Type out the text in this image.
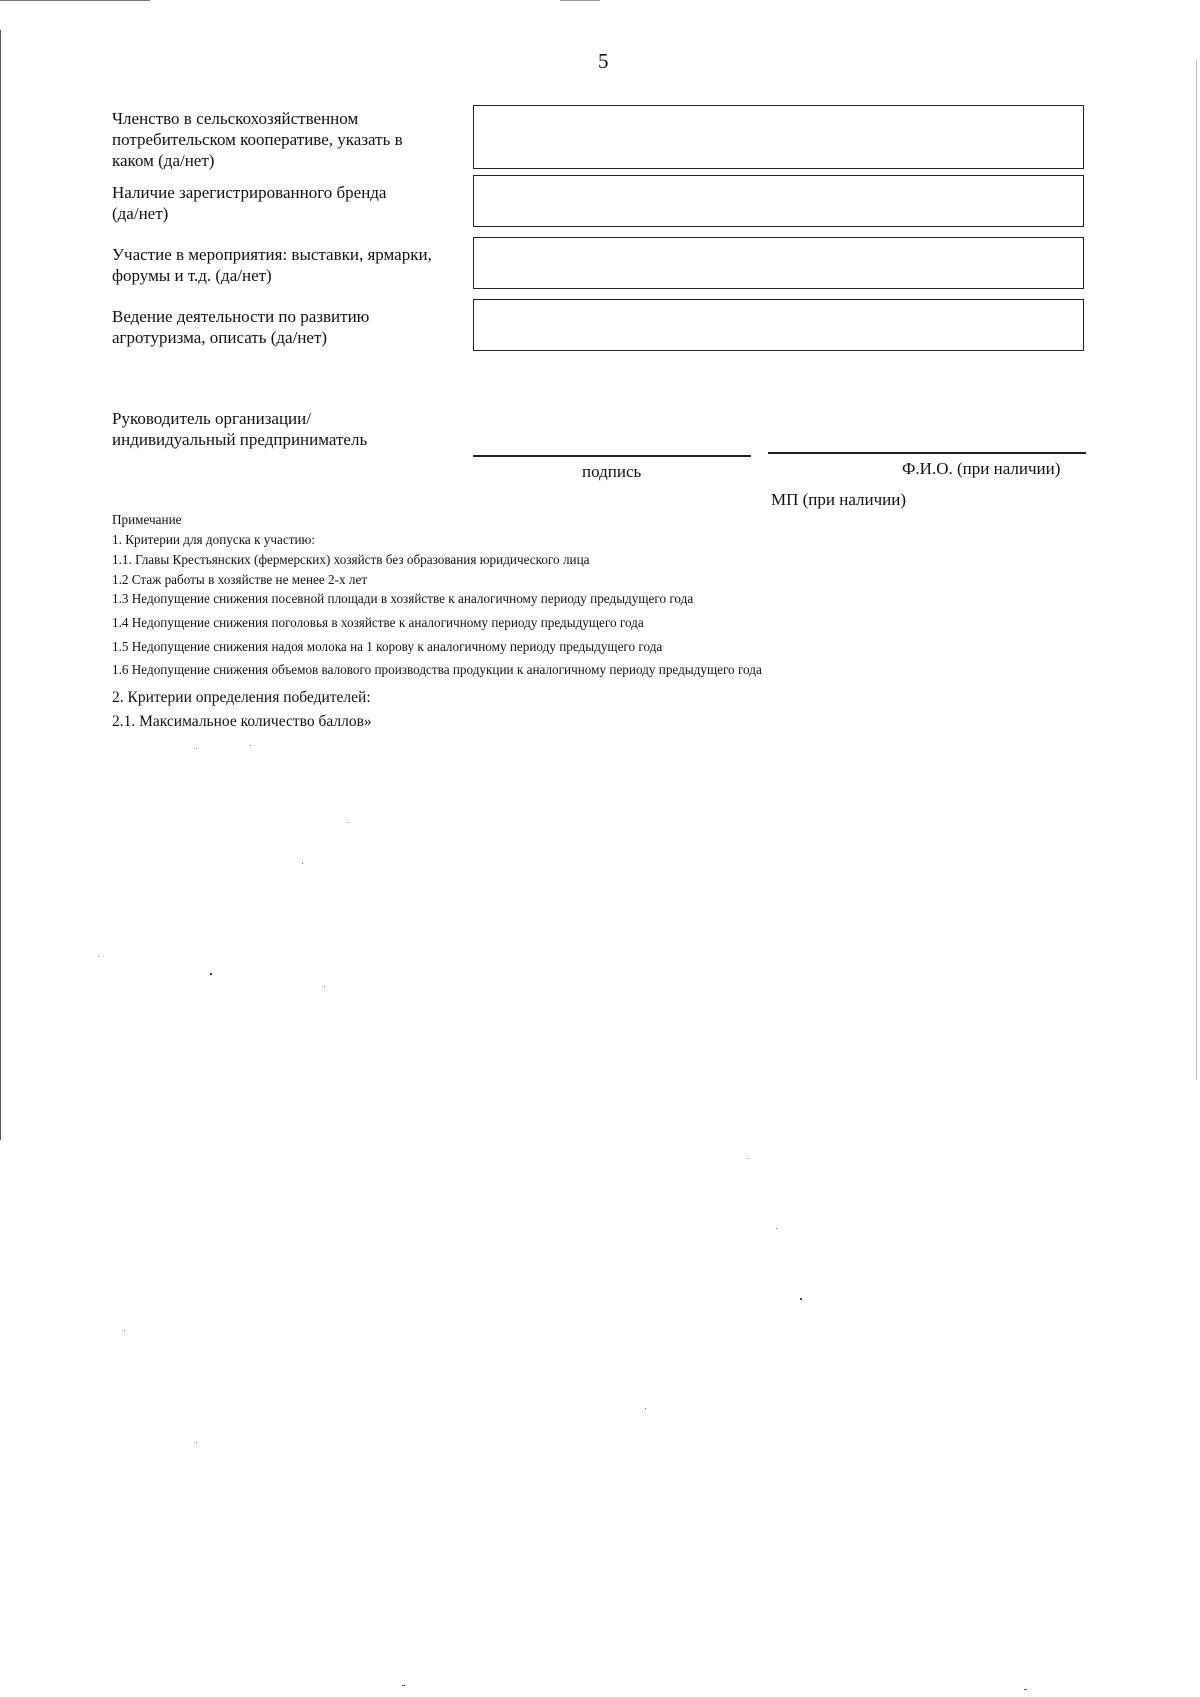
5
Членство в сельскохозяйственном
потребительском кооперативе, указать в
каком (да/нет)
Наличие зарегистрированного бренда
(да/нет)
Участие в мероприятия: выставки, ярмарки,
форумы и т.д. (да/нет)
Ведение деятельности по развитию
агротуризма, описать (да/нет)
Руководитель организации/
индивидуальный предприниматель
подпись	Ф.И.О. (при наличии)
МП (при наличии)
Примечание
1. Критерии для допуска к участию:
1.1. Главы Крестьянских (фермерских) хозяйств без образования юридического лица
1.2 Стаж работы в хозяйстве не менее 2-х лет
1.3 Недопущение снижения посевной площади в хозяйстве к аналогичному периоду предыдущего года
1.4 Недопущение снижения поголовья в хозяйстве к аналогичному периоду предыдущего года
1.5 Недопущение снижения надоя молока на 1 корову к аналогичному периоду предыдущего года
1.6 Недопущение снижения объемов валового производства продукции к аналогичному периоду предыдущего года
2. Критерии определения победителей:
2.1. Максимальное количество баллов»
